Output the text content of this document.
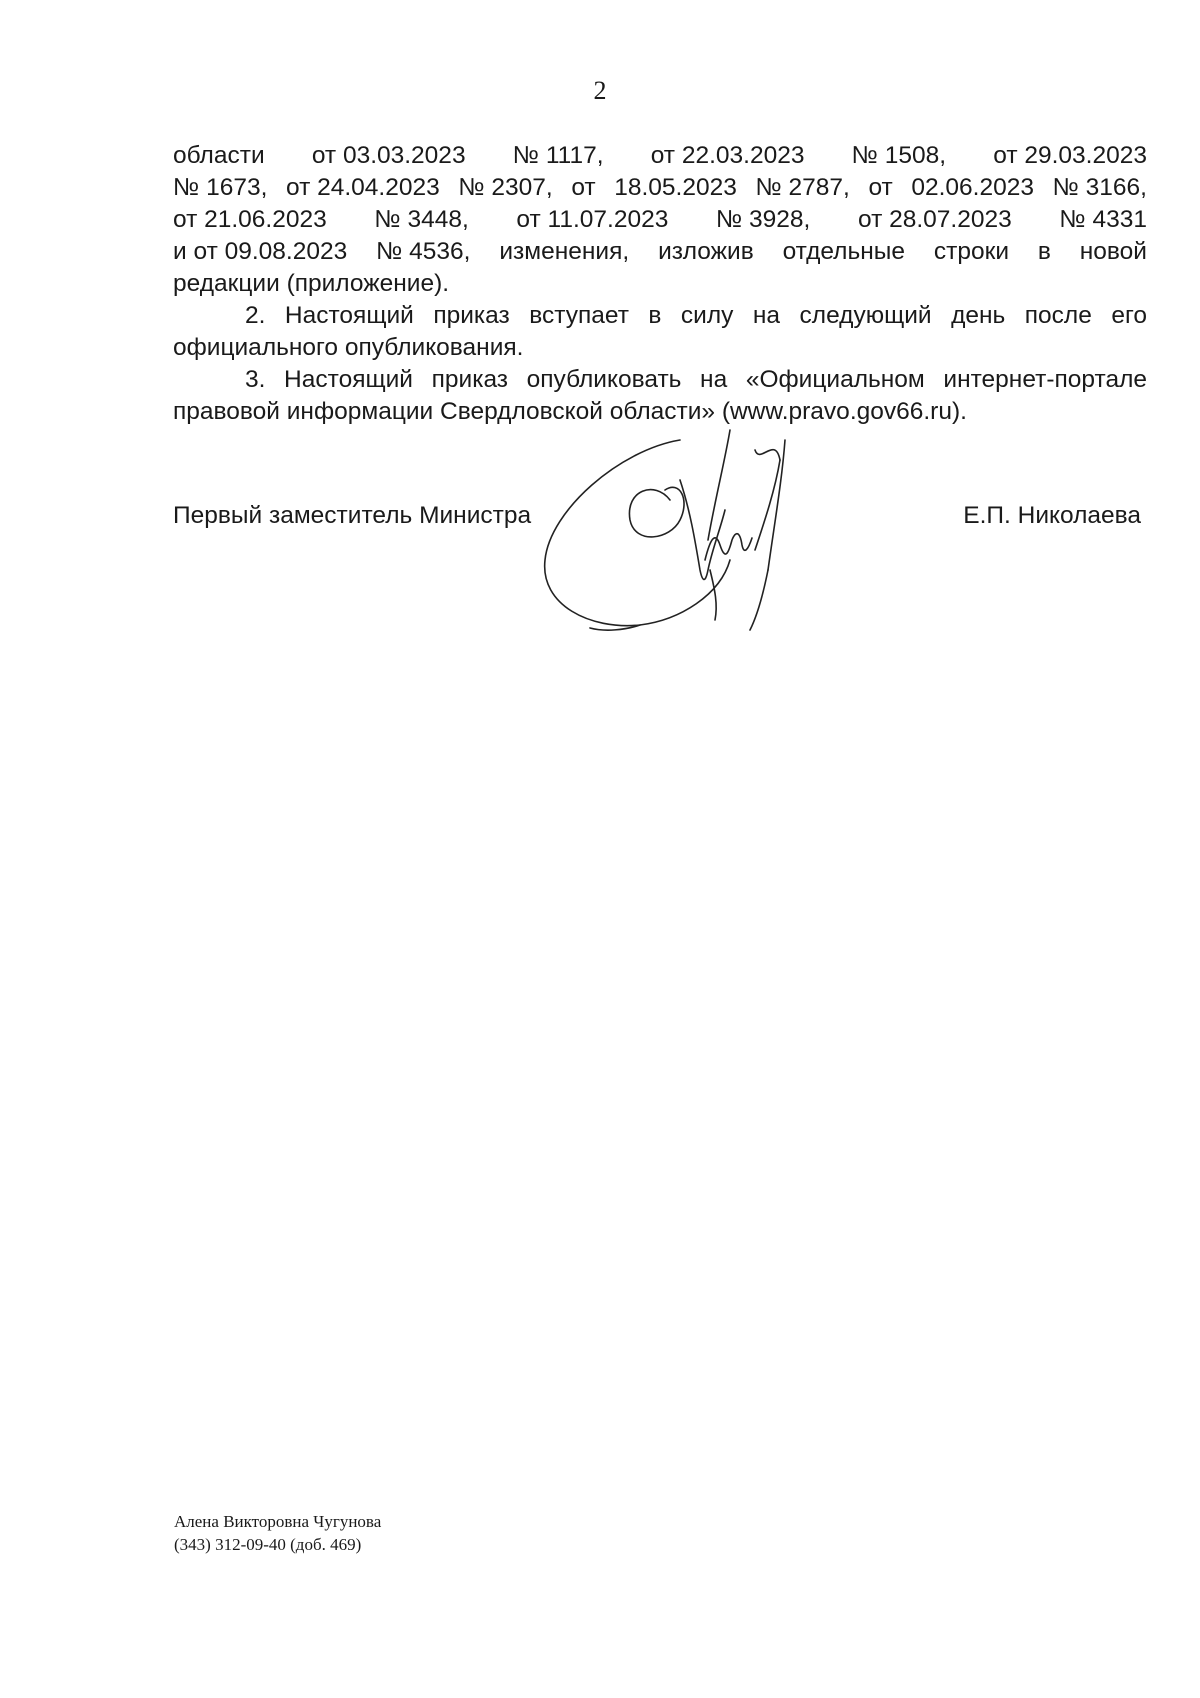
2
области от 03.03.2023 № 1117, от 22.03.2023 № 1508, от 29.03.2023
№ 1673, от 24.04.2023 № 2307, от 18.05.2023 № 2787, от 02.06.2023 № 3166,
от 21.06.2023 № 3448, от 11.07.2023 № 3928, от 28.07.2023 № 4331
и от 09.08.2023 № 4536, изменения, изложив отдельные строки в новой
редакции (приложение).

2. Настоящий приказ вступает в силу на следующий день после его официального опубликования.

3. Настоящий приказ опубликовать на «Официальном интернет-портале правовой информации Свердловской области» (www.pravo.gov66.ru).

Первый заместитель Министра	Е.П. Николаева
Алена Викторовна Чугунова
(343) 312-09-40 (доб. 469)
